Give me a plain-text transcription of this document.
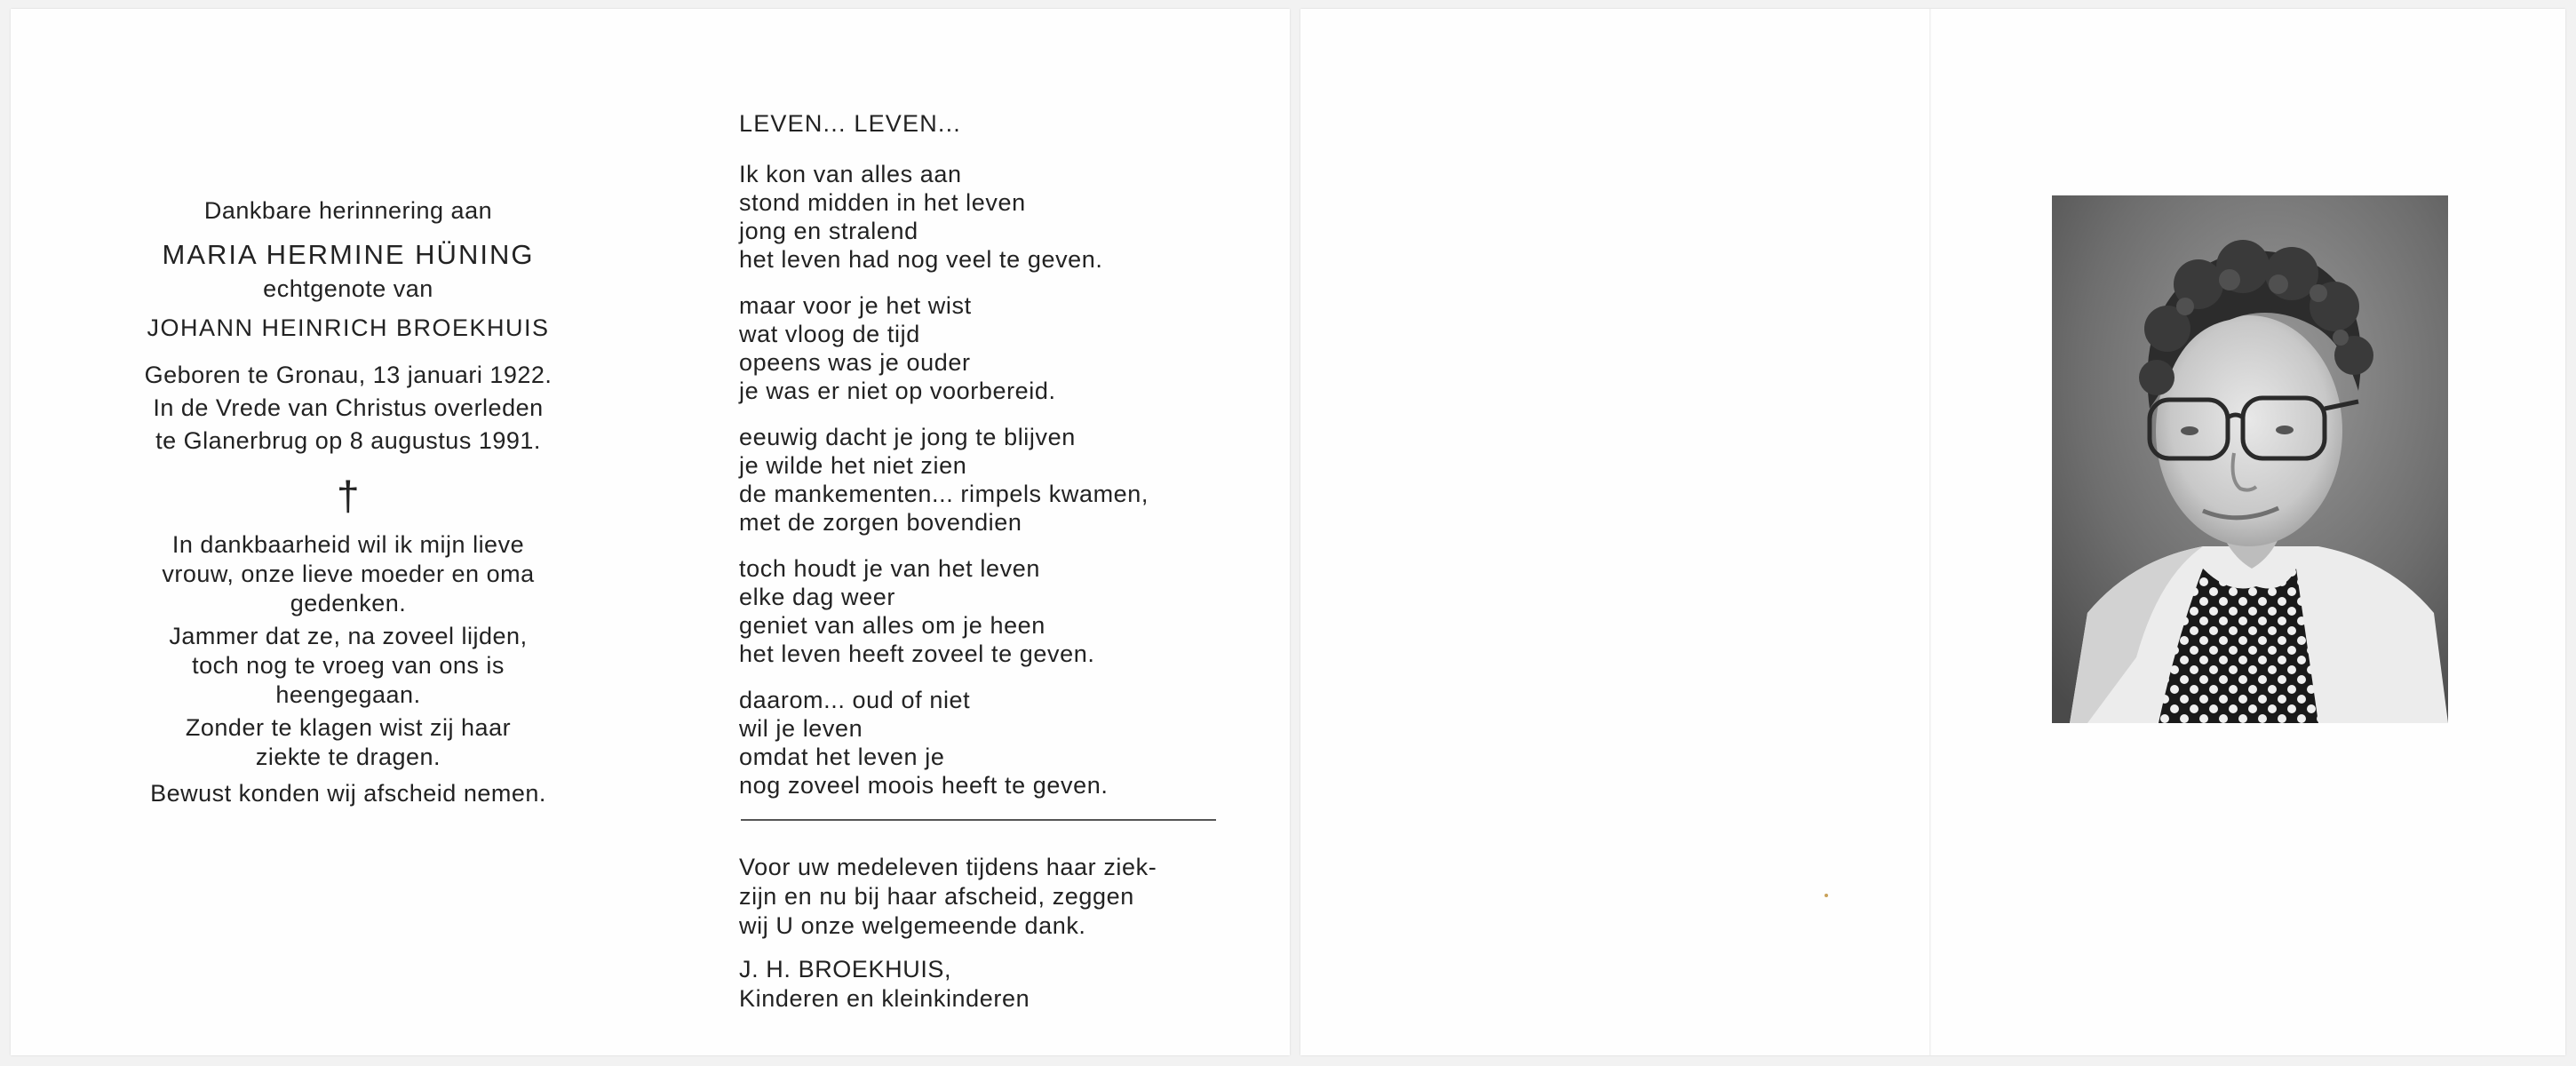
Dankbare herinnering aan
MARIA HERMINE HÜNING
echtgenote van
JOHANN HEINRICH BROEKHUIS
Geboren te Gronau, 13 januari 1922.
In de Vrede van Christus overleden
te Glanerbrug op 8 augustus 1991.
†
In dankbaarheid wil ik mijn lieve
vrouw, onze lieve moeder en oma
gedenken.
Jammer dat ze, na zoveel lijden,
toch nog te vroeg van ons is
heengegaan.
Zonder te klagen wist zij haar
ziekte te dragen.
Bewust konden wij afscheid nemen.
LEVEN... LEVEN...
Ik kon van alles aan
stond midden in het leven
jong en stralend
het leven had nog veel te geven.
maar voor je het wist
wat vloog de tijd
opeens was je ouder
je was er niet op voorbereid.
eeuwig dacht je jong te blijven
je wilde het niet zien
de mankementen... rimpels kwamen,
met de zorgen bovendien
toch houdt je van het leven
elke dag weer
geniet van alles om je heen
het leven heeft zoveel te geven.
daarom... oud of niet
wil je leven
omdat het leven je
nog zoveel moois heeft te geven.
Voor uw medeleven tijdens haar ziek-
zijn en nu bij haar afscheid, zeggen
wij U onze welgemeende dank.
J. H. BROEKHUIS,
Kinderen en kleinkinderen
